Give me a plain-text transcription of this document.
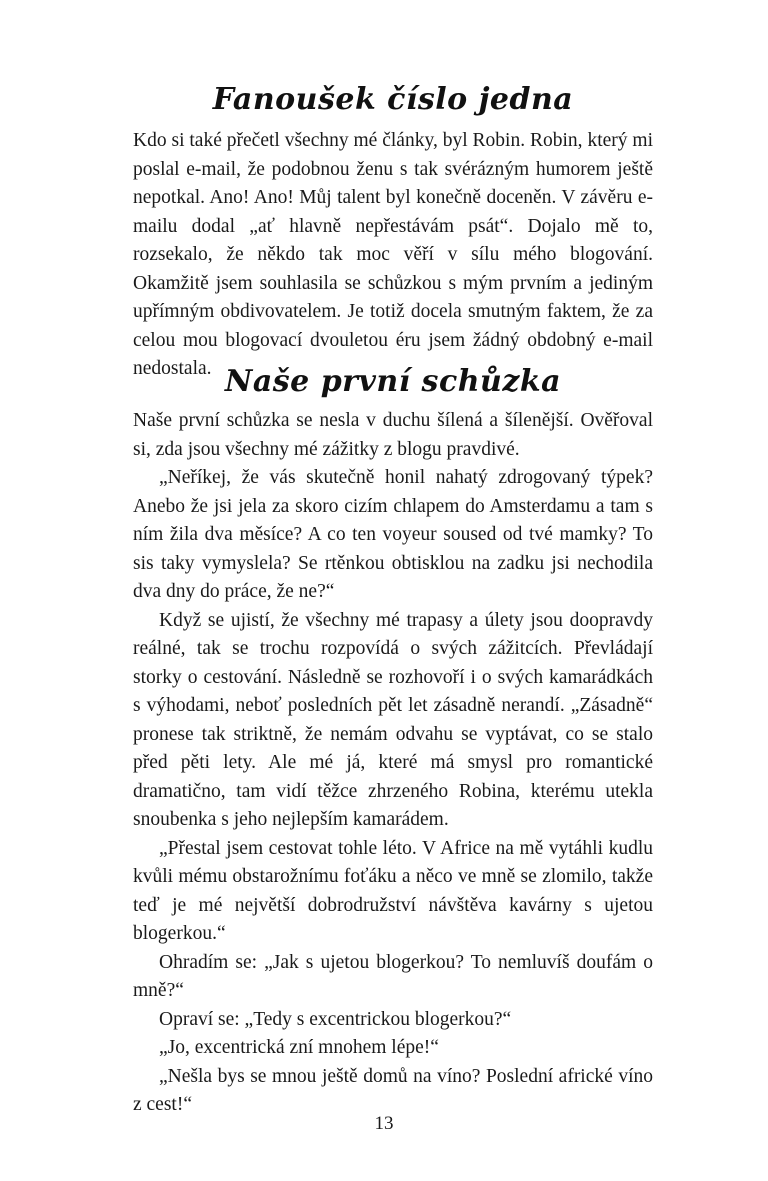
Fanoušek číslo jedna

Kdo si také přečetl všechny mé články, byl Robin. Robin, který mi poslal e-mail, že podobnou ženu s tak svérázným humorem ještě nepotkal. Ano! Ano! Můj talent byl konečně doceněn. V závěru e-mailu dodal „ať hlavně nepřestávám psát“. Dojalo mě to, rozsekalo, že někdo tak moc věří v sílu mého blogování. Okamžitě jsem souhlasila se schůzkou s mým prvním a jediným upřímným obdivovatelem. Je totiž docela smutným faktem, že za celou mou blogovací dvouletou éru jsem žádný obdobný e-mail nedostala. Naše první schůzka

Naše první schůzka se nesla v duchu šílená a šílenější. Ověřoval si, zda jsou všechny mé zážitky z blogu pravdivé.

„Neříkej, že vás skutečně honil nahatý zdrogovaný týpek? Anebo že jsi jela za skoro cizím chlapem do Amsterdamu a tam s ním žila dva měsíce? A co ten voyeur soused od tvé mamky? To sis taky vymyslela? Se rtěnkou obtisklou na zadku jsi nechodila dva dny do práce, že ne?“

Když se ujistí, že všechny mé trapasy a úlety jsou doopravdy reálné, tak se trochu rozpovídá o svých zážitcích. Převládají storky o cestování. Následně se rozhovoří i o svých kamarádkách s výhodami, neboť posledních pět let zásadně nerandí. „Zásadně“ pronese tak striktně, že nemám odvahu se vyptávat, co se stalo před pěti lety. Ale mé já, které má smysl pro romantické dramatično, tam vidí těžce zhrzeného Robina, kterému utekla snoubenka s jeho nejlepším kamarádem.

„Přestal jsem cestovat tohle léto. V Africe na mě vytáhli kudlu kvůli mému obstarožnímu foťáku a něco ve mně se zlomilo, takže teď je mé největší dobrodružství návštěva kavárny s ujetou blogerkou.“

Ohradím se: „Jak s ujetou blogerkou? To nemluvíš doufám o mně?“

Opraví se: „Tedy s excentrickou blogerkou?“

„Jo, excentrická zní mnohem lépe!“

„Nešla bys se mnou ještě domů na víno? Poslední africké víno z cest!“

13
